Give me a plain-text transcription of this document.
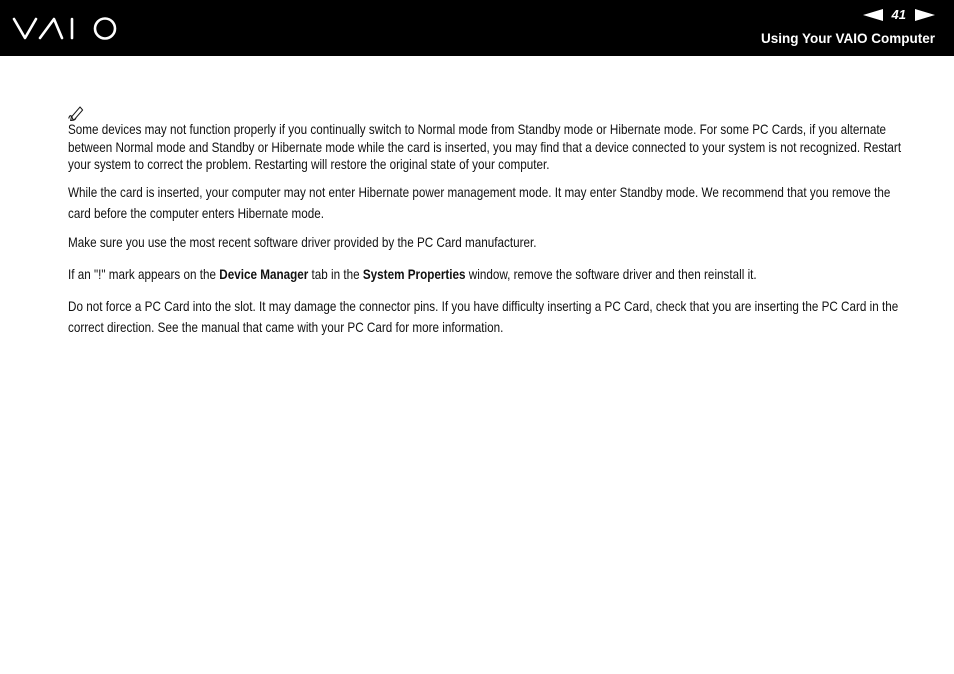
41
Using Your VAIO Computer

Some devices may not function properly if you continually switch to Normal mode from Standby mode or Hibernate mode. For some PC Cards, if you alternate between Normal mode and Standby or Hibernate mode while the card is inserted, you may find that a device connected to your system is not recognized. Restart your system to correct the problem. Restarting will restore the original state of your computer.

While the card is inserted, your computer may not enter Hibernate power management mode. It may enter Standby mode. We recommend that you remove the card before the computer enters Hibernate mode.

Make sure you use the most recent software driver provided by the PC Card manufacturer.

If an "!" mark appears on the Device Manager tab in the System Properties window, remove the software driver and then reinstall it.

Do not force a PC Card into the slot. It may damage the connector pins. If you have difficulty inserting a PC Card, check that you are inserting the PC Card in the correct direction. See the manual that came with your PC Card for more information.
